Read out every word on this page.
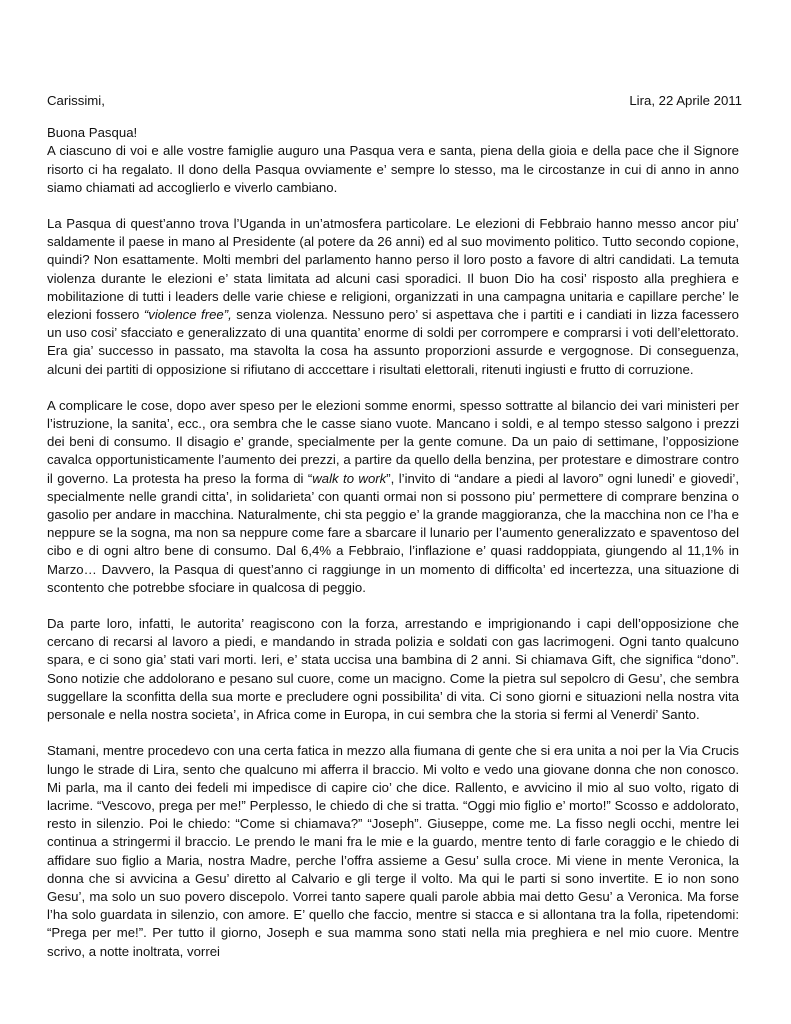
Carissimi,	Lira, 22 Aprile 2011

Buona Pasqua!

A ciascuno di voi e alle vostre famiglie auguro una Pasqua vera e santa, piena della gioia e della pace che il Signore risorto ci ha regalato. Il dono della Pasqua ovviamente e’ sempre lo stesso, ma le circostanze in cui di anno in anno siamo chiamati ad accoglierlo e viverlo cambiano.

La Pasqua di quest’anno trova l’Uganda in un’atmosfera particolare. Le elezioni di Febbraio hanno messo ancor piu’ saldamente il paese in mano al Presidente (al potere da 26 anni) ed al suo movimento politico. Tutto secondo copione, quindi? Non esattamente. Molti membri del parlamento hanno perso il loro posto a favore di altri candidati. La temuta violenza durante le elezioni e’ stata limitata ad alcuni casi sporadici. Il buon Dio ha cosi’ risposto alla preghiera e mobilitazione di tutti i leaders delle varie chiese e religioni, organizzati in una campagna unitaria e capillare perche’ le elezioni fossero “violence free”, senza violenza. Nessuno pero’ si aspettava che i partiti e i candiati in lizza facessero un uso cosi’ sfacciato e generalizzato di una quantita’ enorme di soldi per corrompere e comprarsi i voti dell’elettorato. Era gia’ successo in passato, ma stavolta la cosa ha assunto proporzioni assurde e vergognose. Di conseguenza, alcuni dei partiti di opposizione si rifiutano di acccettare i risultati elettorali, ritenuti ingiusti e frutto di corruzione.

A complicare le cose, dopo aver speso per le elezioni somme enormi, spesso sottratte al bilancio dei vari ministeri per l’istruzione, la sanita’, ecc., ora sembra che le casse siano vuote. Mancano i soldi, e al tempo stesso salgono i prezzi dei beni di consumo. Il disagio e’ grande, specialmente per la gente comune. Da un paio di settimane, l’opposizione cavalca opportunisticamente l’aumento dei prezzi, a partire da quello della benzina, per protestare e dimostrare contro il governo. La protesta ha preso la forma di “walk to work”, l’invito di “andare a piedi al lavoro” ogni lunedi’ e giovedi’, specialmente nelle grandi citta’, in solidarieta’ con quanti ormai non si possono piu’ permettere di comprare benzina o gasolio per andare in macchina. Naturalmente, chi sta peggio e’ la grande maggioranza, che la macchina non ce l’ha e neppure se la sogna, ma non sa neppure come fare a sbarcare il lunario per l’aumento generalizzato e spaventoso del cibo e di ogni altro bene di consumo. Dal 6,4% a Febbraio, l’inflazione e’ quasi raddoppiata, giungendo al 11,1% in Marzo… Davvero, la Pasqua di quest’anno ci raggiunge in un momento di difficolta’ ed incertezza, una situazione di scontento che potrebbe sfociare in qualcosa di peggio.

Da parte loro, infatti, le autorita’ reagiscono con la forza, arrestando e imprigionando i capi dell’opposizione che cercano di recarsi al lavoro a piedi, e mandando in strada polizia e soldati con gas lacrimogeni. Ogni tanto qualcuno spara, e ci sono gia’ stati vari morti. Ieri, e’ stata uccisa una bambina di 2 anni. Si chiamava Gift, che significa “dono”. Sono notizie che addolorano e pesano sul cuore, come un macigno. Come la pietra sul sepolcro di Gesu’, che sembra suggellare la sconfitta della sua morte e precludere ogni possibilita’ di vita. Ci sono giorni e situazioni nella nostra vita personale e nella nostra societa’, in Africa come in Europa, in cui sembra che la storia si fermi al Venerdi’ Santo.

Stamani, mentre procedevo con una certa fatica in mezzo alla fiumana di gente che si era unita a noi per la Via Crucis lungo le strade di Lira, sento che qualcuno mi afferra il braccio. Mi volto e vedo una giovane donna che non conosco. Mi parla, ma il canto dei fedeli mi impedisce di capire cio’ che dice. Rallento, e avvicino il mio al suo volto, rigato di lacrime. “Vescovo, prega per me!” Perplesso, le chiedo di che si tratta. “Oggi mio figlio e’ morto!” Scosso e addolorato, resto in silenzio. Poi le chiedo: “Come si chiamava?” “Joseph”. Giuseppe, come me. La fisso negli occhi, mentre lei continua a stringermi il braccio. Le prendo le mani fra le mie e la guardo, mentre tento di farle coraggio e le chiedo di affidare suo figlio a Maria, nostra Madre, perche l’offra assieme a Gesu’ sulla croce. Mi viene in mente Veronica, la donna che si avvicina a Gesu’ diretto al Calvario e gli terge il volto. Ma qui le parti si sono invertite. E io non sono Gesu’, ma solo un suo povero discepolo. Vorrei tanto sapere quali parole abbia mai detto Gesu’ a Veronica. Ma forse l’ha solo guardata in silenzio, con amore. E’ quello che faccio, mentre si stacca e si allontana tra la folla, ripetendomi: “Prega per me!”. Per tutto il giorno, Joseph e sua mamma sono stati nella mia preghiera e nel mio cuore. Mentre scrivo, a notte inoltrata, vorrei
